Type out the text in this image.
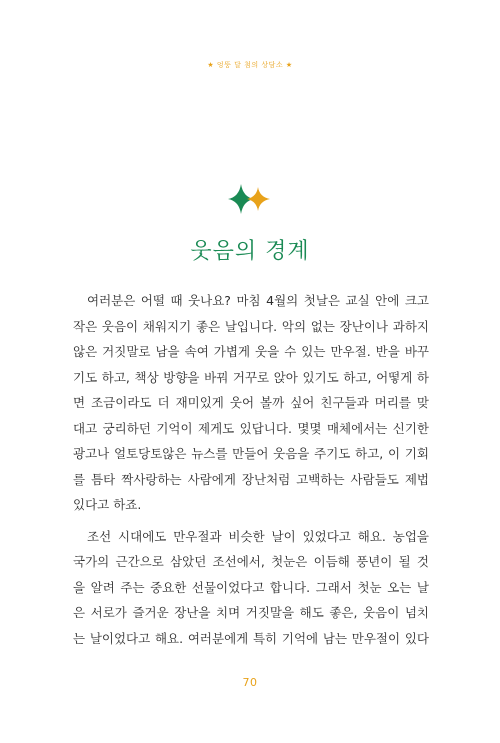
★ 엉뚱 달 첨의 상담소 ★
웃음의 경계

여러분은 어떨 때 웃나요? 마침 4월의 첫날은 교실 안에 크고
작은 웃음이 채워지기 좋은 날입니다. 악의 없는 장난이나 과하지
않은 거짓말로 남을 속여 가볍게 웃을 수 있는 만우절. 반을 바꾸
기도 하고, 책상 방향을 바꿔 거꾸로 앉아 있기도 하고, 어떻게 하
면 조금이라도 더 재미있게 웃어 볼까 싶어 친구들과 머리를 맞
대고 궁리하던 기억이 제게도 있답니다. 몇몇 매체에서는 신기한
광고나 얼토당토않은 뉴스를 만들어 웃음을 주기도 하고, 이 기회
를 틈타 짝사랑하는 사람에게 장난처럼 고백하는 사람들도 제법
있다고 하죠.

조선 시대에도 만우절과 비슷한 날이 있었다고 해요. 농업을
국가의 근간으로 삼았던 조선에서, 첫눈은 이듬해 풍년이 될 것
을 알려 주는 중요한 선물이었다고 합니다. 그래서 첫눈 오는 날
은 서로가 즐거운 장난을 치며 거짓말을 해도 좋은, 웃음이 넘치
는 날이었다고 해요. 여러분에게 특히 기억에 남는 만우절이 있다

70
